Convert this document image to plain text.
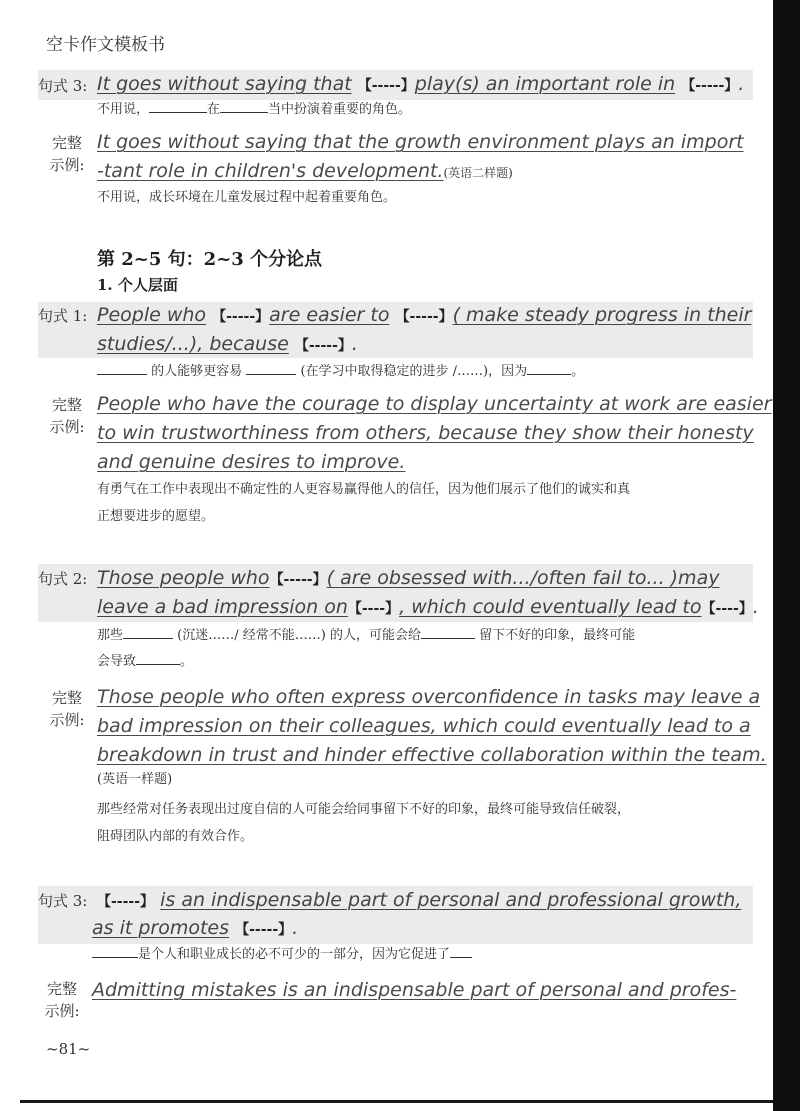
空卡作文模板书
句式 3: It goes without saying that 【-----】play(s) an important role in 【-----】.
不用说，	在	当中扮演着重要的角色。
完整
示例:
It goes without saying that the growth environment plays an import
-tant role in children's development.(英语二样题)
不用说，成长环境在儿童发展过程中起着重要角色。
第 2~5 句：2~3 个分论点
1. 个人层面
句式 1: People who 【-----】are easier to 【-----】( make steady progress in their
studies/...), because 【-----】.
的人能够更容易	(在学习中取得稳定的进步 /……)，因为	。
完整
示例:
People who have the courage to display uncertainty at work are easier
to win trustworthiness from others, because they show their honesty
and genuine desires to improve.
有勇气在工作中表现出不确定性的人更容易赢得他人的信任，因为他们展示了他们的诚实和真
正想要进步的愿望。
句式 2: Those people who【-----】( are obsessed with.../often fail to... )may
leave a bad impression on【----】, which could eventually lead to【----】.
那些	(沉迷……/ 经常不能……) 的人，可能会给	留下不好的印象，最终可能
会导致	。
完整
示例:
Those people who often express overconfidence in tasks may leave a
bad impression on their colleagues, which could eventually lead to a
breakdown in trust and hinder effective collaboration within the team.
(英语一样题)
那些经常对任务表现出过度自信的人可能会给同事留下不好的印象，最终可能导致信任破裂，
阻碍团队内部的有效合作。
句式 3: 【-----】 is an indispensable part of personal and professional growth,
as it promotes 【-----】.
是个人和职业成长的必不可少的一部分，因为它促进了
完整
示例:
Admitting mistakes is an indispensable part of personal and profes-
~81~
